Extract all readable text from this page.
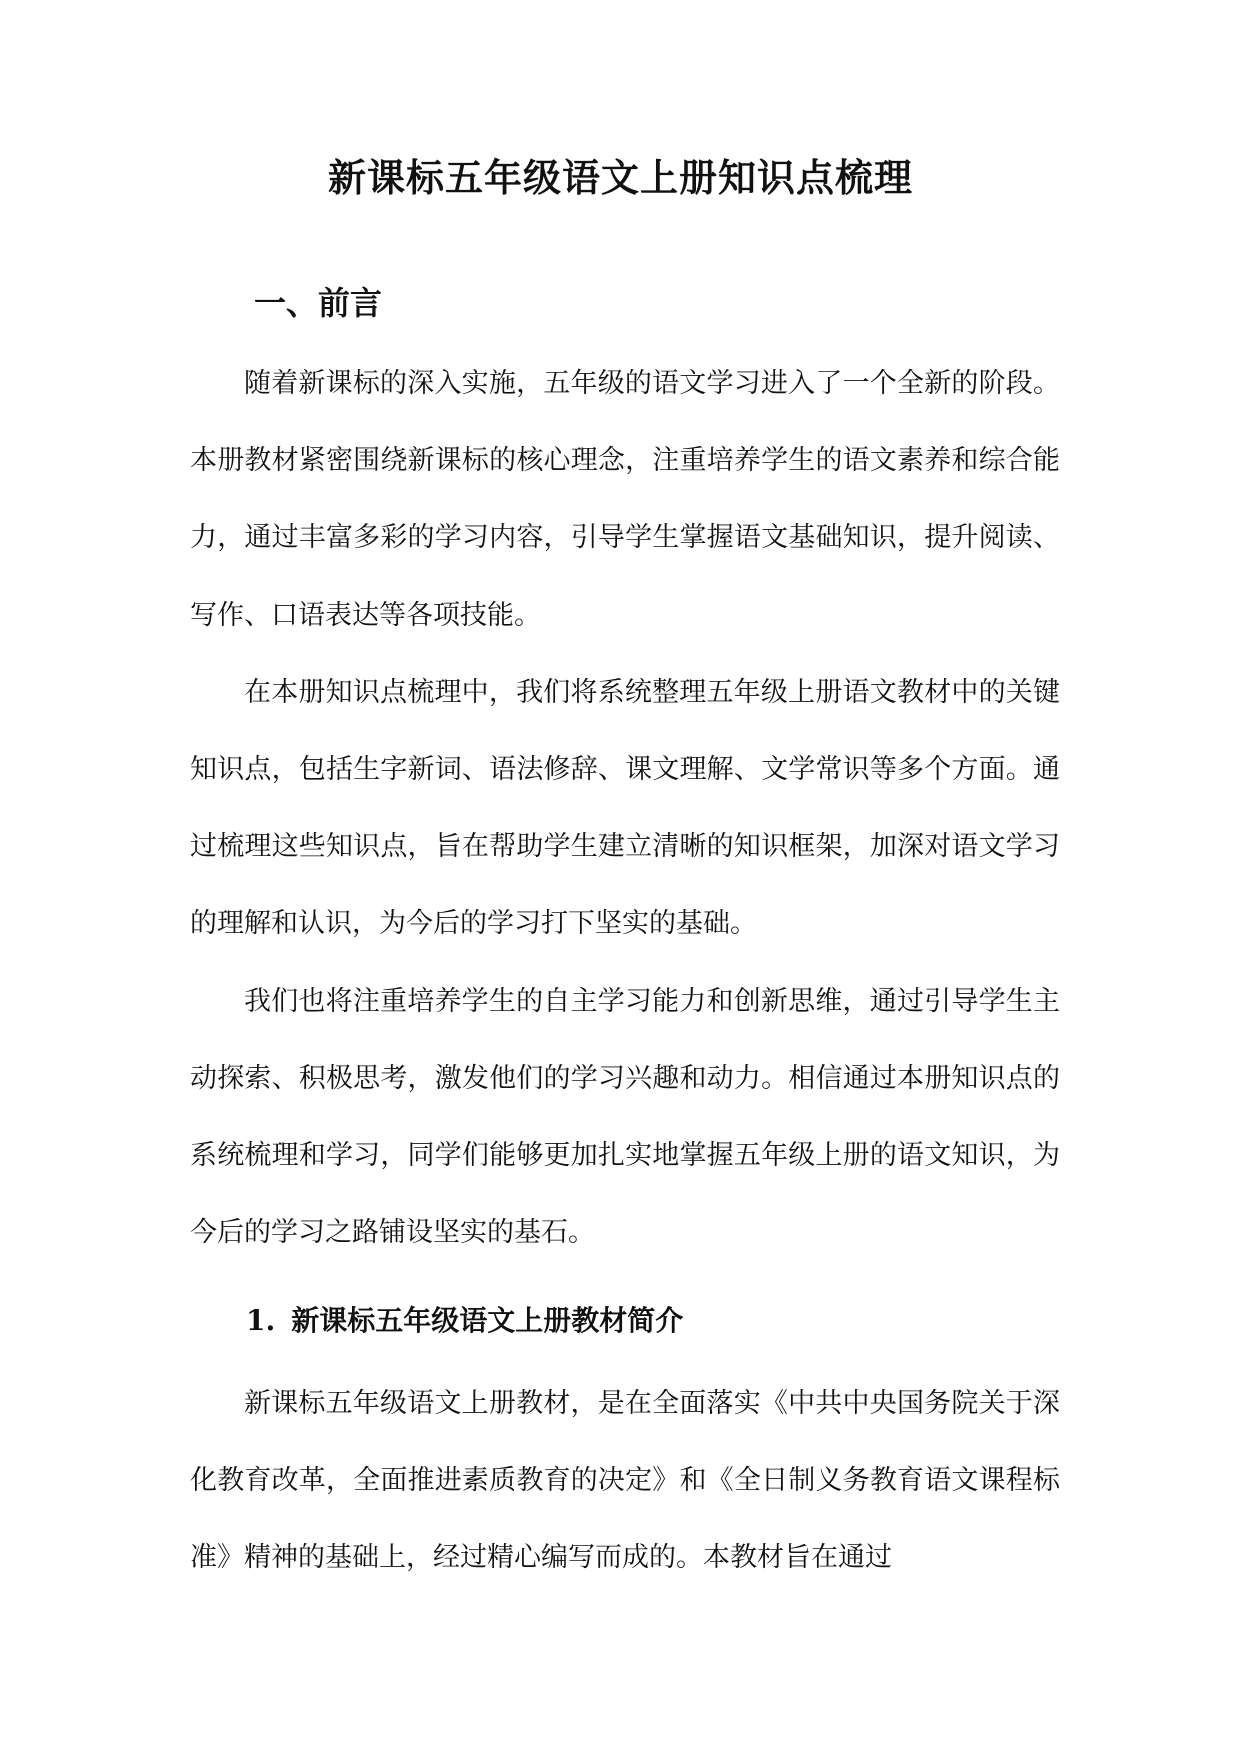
新课标五年级语文上册知识点梳理
一、前言

随着新课标的深入实施，五年级的语文学习进入了一个全新的阶段。本册教材紧密围绕新课标的核心理念，注重培养学生的语文素养和综合能力，通过丰富多彩的学习内容，引导学生掌握语文基础知识，提升阅读、写作、口语表达等各项技能。

在本册知识点梳理中，我们将系统整理五年级上册语文教材中的关键知识点，包括生字新词、语法修辞、课文理解、文学常识等多个方面。通过梳理这些知识点，旨在帮助学生建立清晰的知识框架，加深对语文学习的理解和认识，为今后的学习打下坚实的基础。

我们也将注重培养学生的自主学习能力和创新思维，通过引导学生主动探索、积极思考，激发他们的学习兴趣和动力。相信通过本册知识点的系统梳理和学习，同学们能够更加扎实地掌握五年级上册的语文知识，为今后的学习之路铺设坚实的基石。

1. 新课标五年级语文上册教材简介

新课标五年级语文上册教材，是在全面落实《中共中央国务院关于深化教育改革，全面推进素质教育的决定》和《全日制义务教育语文课程标准》精神的基础上，经过精心编写而成的。本教材旨在通过
